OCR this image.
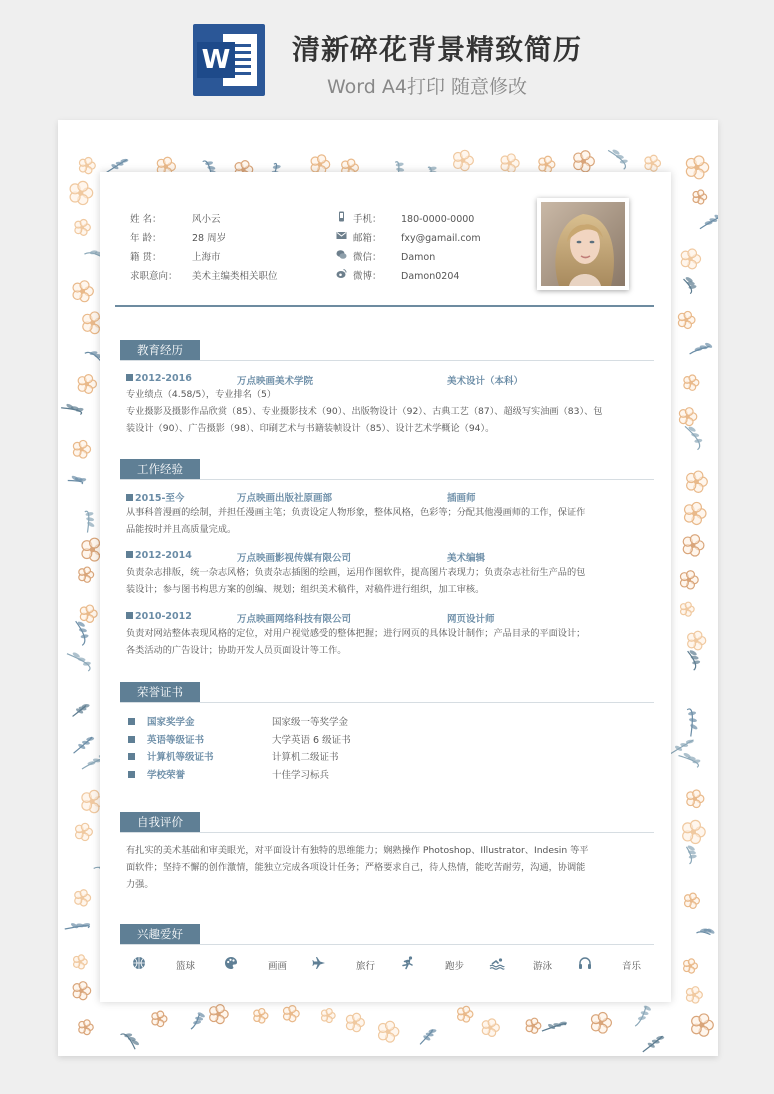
W 清新碎花背景精致简历
Word A4打印 随意修改
姓 名：	风小云
年 龄：	28 周岁
籍 贯：	上海市
求职意向： 美术主编类相关职位
手机： 180-0000-0000
邮箱： fxy@gamail.com
微信： Damon
微博： Damon0204
教育经历
2012-2016	万点映画美术学院	美术设计（本科）
专业绩点（4.58/5），专业排名（5）
专业摄影及摄影作品欣赏（85）、专业摄影技术（90）、出版物设计（92）、古典工艺（87）、超级写实油画（83）、包
装设计（90）、广告摄影（98）、印刷艺术与书籍装帧设计（85）、设计艺术学概论（94）。
工作经验
2015-至今	万点映画出版社原画部	插画师
从事科普漫画的绘制，并担任漫画主笔；负责设定人物形象，整体风格，色彩等；分配其他漫画师的工作，保证作
品能按时并且高质量完成。
2012-2014	万点映画影视传媒有限公司	美术编辑
负责杂志排版，统一杂志风格；负责杂志插图的绘画，运用作图软件，提高图片表现力；负责杂志社衍生产品的包
装设计；参与图书构思方案的创编、规划；组织美术稿件，对稿件进行组织，加工审核。
2010-2012	万点映画网络科技有限公司	网页设计师
负责对网站整体表现风格的定位，对用户视觉感受的整体把握；进行网页的具体设计制作；产品目录的平面设计；
各类活动的广告设计；协助开发人员页面设计等工作。
荣誉证书
国家奖学金	国家级一等奖学金
英语等级证书	大学英语 6 级证书
计算机等级证书	计算机二级证书
学校荣誉	十佳学习标兵
自我评价
有扎实的美术基础和审美眼光，对平面设计有独特的思维能力；娴熟操作 Photoshop、Illustrator、Indesin 等平
面软件；坚持不懈的创作激情，能独立完成各项设计任务；严格要求自己，待人热情，能吃苦耐劳，沟通，协调能
力强。
兴趣爱好
篮球	画画	旅行	跑步	游泳	音乐
